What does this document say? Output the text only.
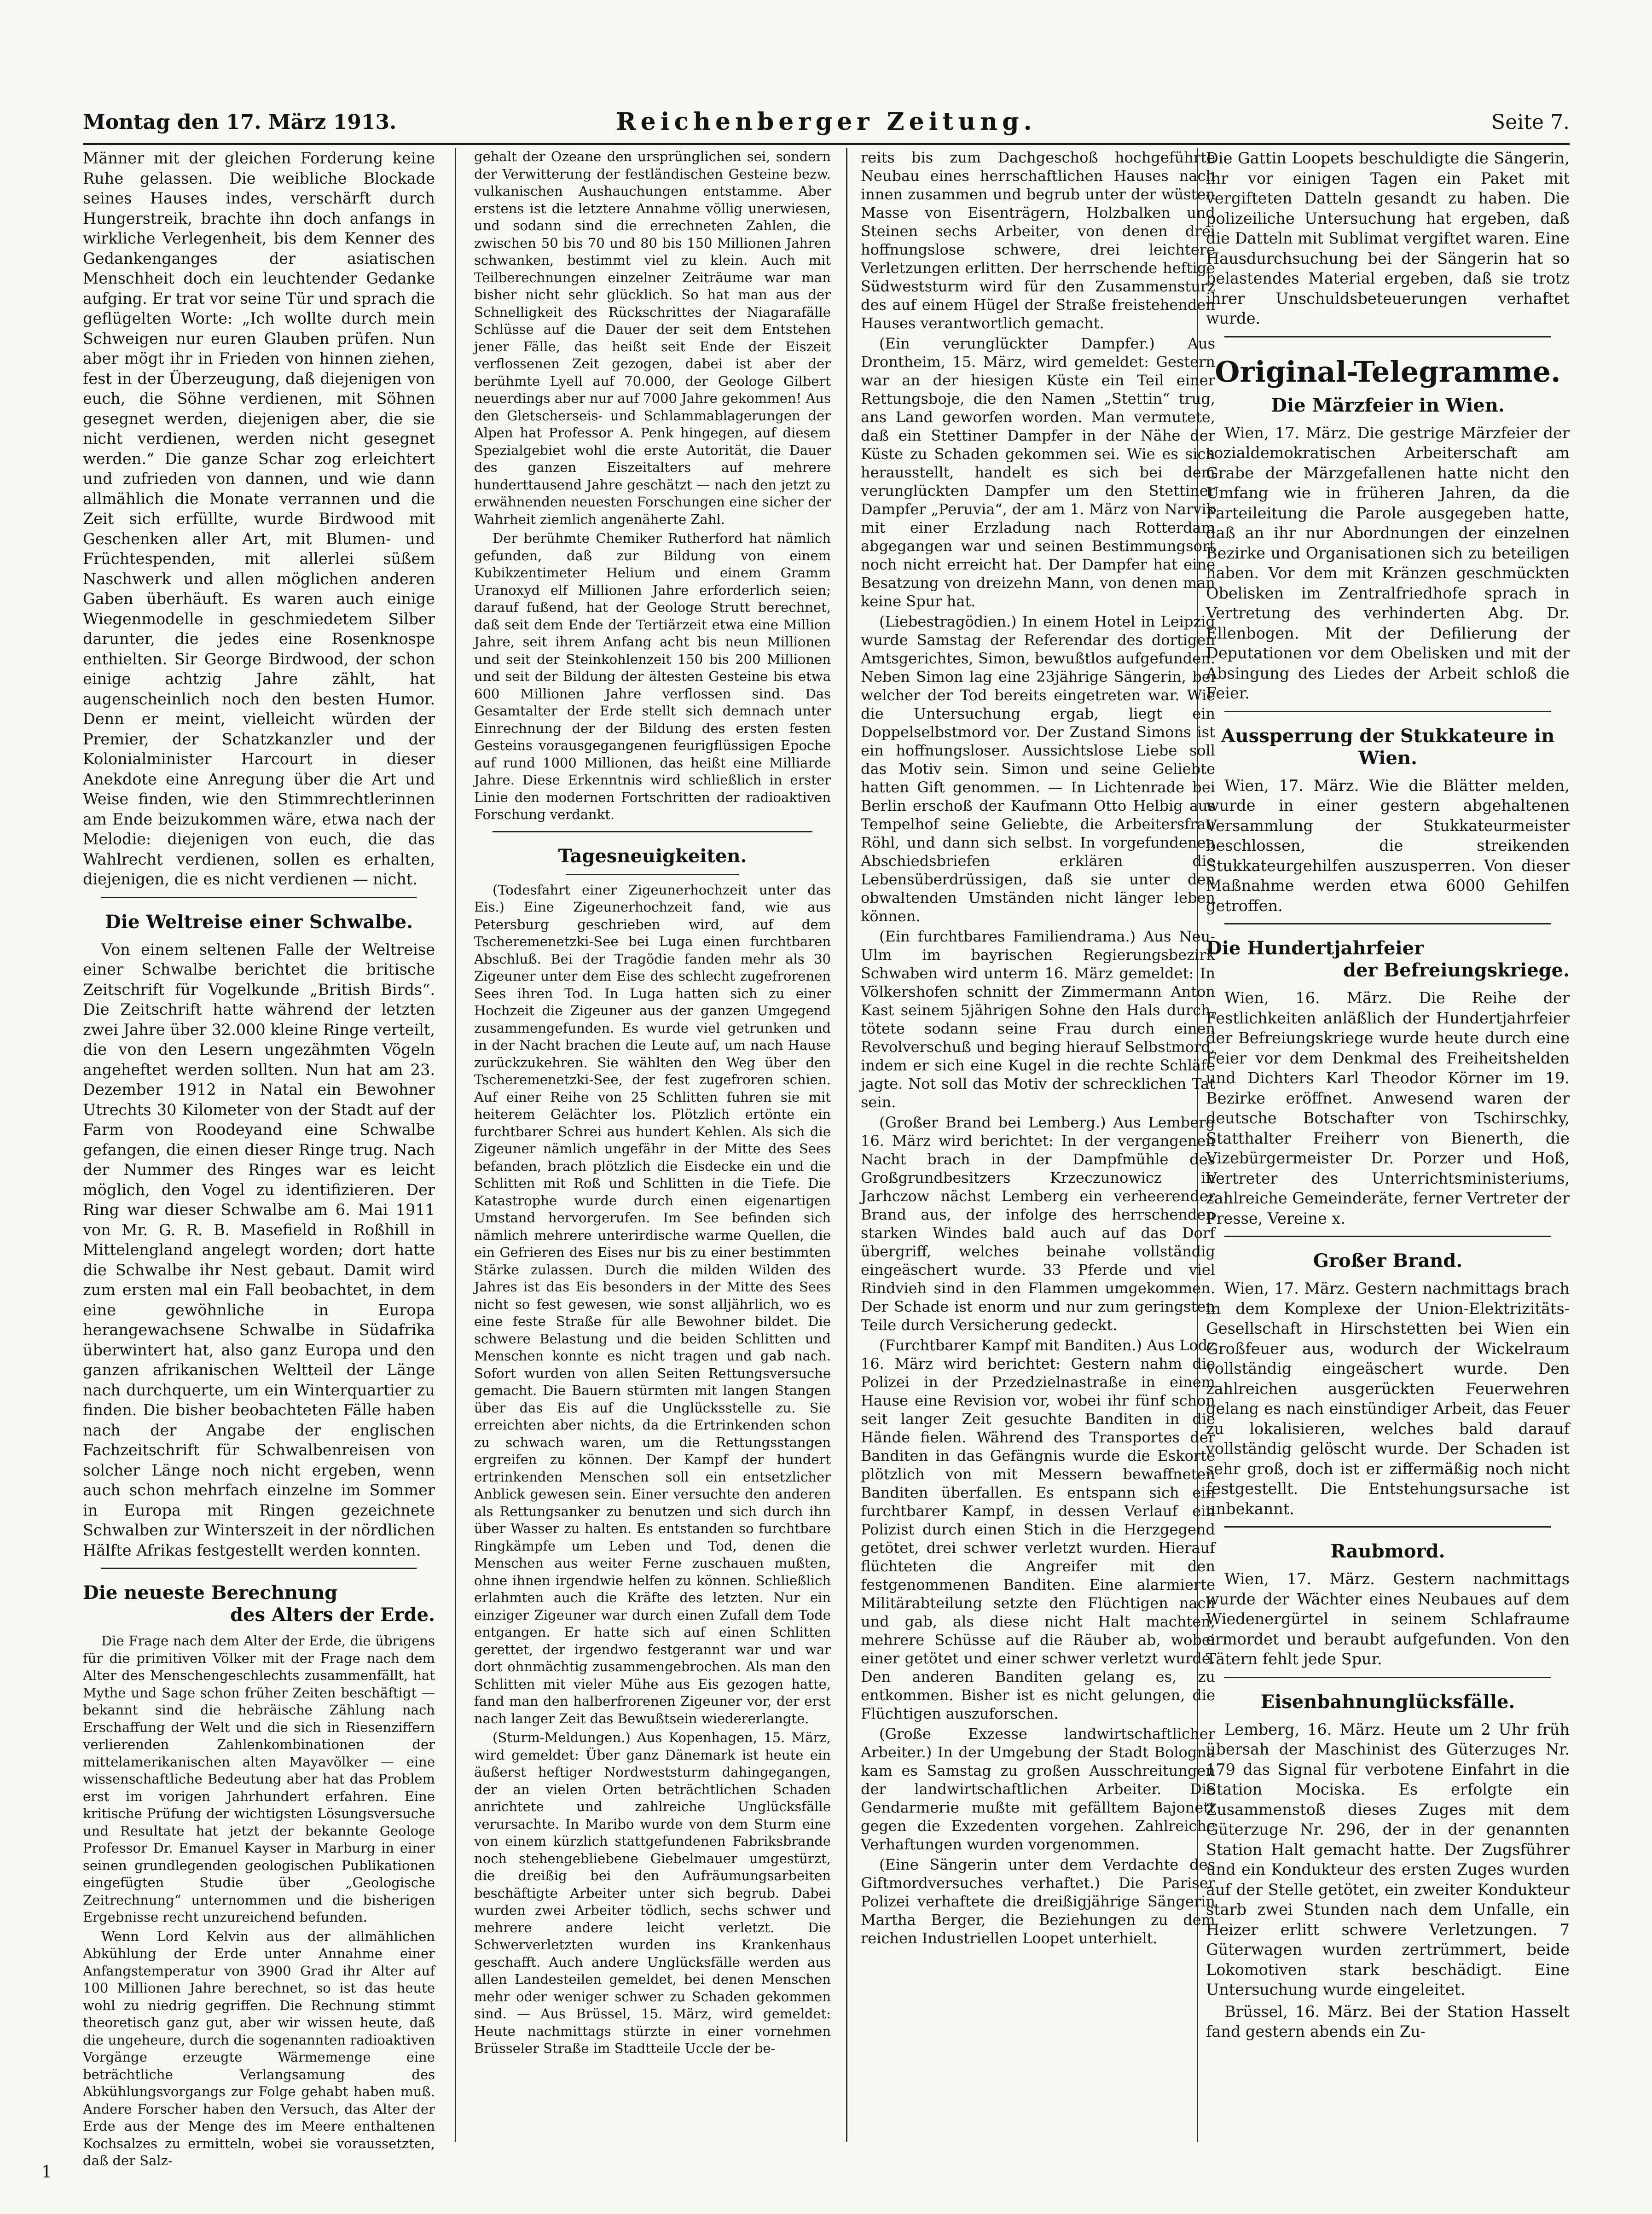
Montag den 17. März 1913.	Reichenberger Zeitung.	Seite 7.

Männer mit der gleichen Forderung keine Ruhe gelassen. Die weibliche Blockade seines Hauses indes, verschärft durch Hungerstreik, brachte ihn doch anfangs in wirkliche Verlegenheit, bis dem Kenner des Gedankenganges der asiatischen Menschheit doch ein leuchtender Gedanke aufging. Er trat vor seine Tür und sprach die geflügelten Worte: „Ich wollte durch mein Schweigen nur euren Glauben prüfen. Nun aber mögt ihr in Frieden von hinnen ziehen, fest in der Überzeugung, daß diejenigen von euch, die Söhne verdienen, mit Söhnen gesegnet werden, diejenigen aber, die sie nicht verdienen, werden nicht gesegnet werden.“ Die ganze Schar zog erleichtert und zufrieden von dannen, und wie dann allmählich die Monate verrannen und die Zeit sich erfüllte, wurde Birdwood mit Geschenken aller Art, mit Blumen- und Früchtespenden, mit allerlei süßem Naschwerk und allen möglichen anderen Gaben überhäuft. Es waren auch einige Wiegenmodelle in geschmiedetem Silber darunter, die jedes eine Rosenknospe enthielten. Sir George Birdwood, der schon einige achtzig Jahre zählt, hat augenscheinlich noch den besten Humor. Denn er meint, vielleicht würden der Premier, der Schatzkanzler und der Kolonialminister Harcourt in dieser Anekdote eine Anregung über die Art und Weise finden, wie den Stimmrechtlerinnen am Ende beizukommen wäre, etwa nach der Melodie: diejenigen von euch, die das Wahlrecht verdienen, sollen es erhalten, diejenigen, die es nicht verdienen — nicht.

Die Weltreise einer Schwalbe.

Von einem seltenen Falle der Weltreise einer Schwalbe berichtet die britische Zeitschrift für Vogelkunde „British Birds“. Die Zeitschrift hatte während der letzten zwei Jahre über 32.000 kleine Ringe verteilt, die von den Lesern ungezähmten Vögeln angeheftet werden sollten. Nun hat am 23. Dezember 1912 in Natal ein Bewohner Utrechts 30 Kilometer von der Stadt auf der Farm von Roodeyand eine Schwalbe gefangen, die einen dieser Ringe trug. Nach der Nummer des Ringes war es leicht möglich, den Vogel zu identifizieren. Der Ring war dieser Schwalbe am 6. Mai 1911 von Mr. G. R. B. Masefield in Roßhill in Mittelengland angelegt worden; dort hatte die Schwalbe ihr Nest gebaut. Damit wird zum ersten mal ein Fall beobachtet, in dem eine gewöhnliche in Europa herangewachsene Schwalbe in Südafrika überwintert hat, also ganz Europa und den ganzen afrikanischen Weltteil der Länge nach durchquerte, um ein Winterquartier zu finden. Die bisher beobachteten Fälle haben nach der Angabe der englischen Fachzeitschrift für Schwalbenreisen von solcher Länge noch nicht ergeben, wenn auch schon mehrfach einzelne im Sommer in Europa mit Ringen gezeichnete Schwalben zur Winterszeit in der nördlichen Hälfte Afrikas festgestellt werden konnten.

Die neueste Berechnung
des Alters der Erde.

Die Frage nach dem Alter der Erde, die übrigens für die primitiven Völker mit der Frage nach dem Alter des Menschengeschlechts zusammenfällt, hat Mythe und Sage schon früher Zeiten beschäftigt — bekannt sind die hebräische Zählung nach Erschaffung der Welt und die sich in Riesenziffern verlierenden Zahlenkombinationen der mittelamerikanischen alten Mayavölker — eine wissenschaftliche Bedeutung aber hat das Problem erst im vorigen Jahrhundert erfahren. Eine kritische Prüfung der wichtigsten Lösungsversuche und Resultate hat jetzt der bekannte Geologe Professor Dr. Emanuel Kayser in Marburg in einer seinen grundlegenden geologischen Publikationen eingefügten Studie über „Geologische Zeitrechnung“ unternommen und die bisherigen Ergebnisse recht unzureichend befunden.

Wenn Lord Kelvin aus der allmählichen Abkühlung der Erde unter Annahme einer Anfangstemperatur von 3900 Grad ihr Alter auf 100 Millionen Jahre berechnet, so ist das heute wohl zu niedrig gegriffen. Die Rechnung stimmt theoretisch ganz gut, aber wir wissen heute, daß die ungeheure, durch die sogenannten radioaktiven Vorgänge erzeugte Wärmemenge eine beträchtliche Verlangsamung des Abkühlungsvorgangs zur Folge gehabt haben muß. Andere Forscher haben den Versuch, das Alter der Erde aus der Menge des im Meere enthaltenen Kochsalzes zu ermitteln, wobei sie voraussetzten, daß der Salz-

gehalt der Ozeane den ursprünglichen sei, sondern der Verwitterung der festländischen Gesteine bezw. vulkanischen Aushauchungen entstamme. Aber erstens ist die letztere Annahme völlig unerwiesen, und sodann sind die errechneten Zahlen, die zwischen 50 bis 70 und 80 bis 150 Millionen Jahren schwanken, bestimmt viel zu klein. Auch mit Teilberechnungen einzelner Zeiträume war man bisher nicht sehr glücklich. So hat man aus der Schnelligkeit des Rückschrittes der Niagarafälle Schlüsse auf die Dauer der seit dem Entstehen jener Fälle, das heißt seit Ende der Eiszeit verflossenen Zeit gezogen, dabei ist aber der berühmte Lyell auf 70.000, der Geologe Gilbert neuerdings aber nur auf 7000 Jahre gekommen! Aus den Gletscherseis- und Schlammablagerungen der Alpen hat Professor A. Penk hingegen, auf diesem Spezialgebiet wohl die erste Autorität, die Dauer des ganzen Eiszeitalters auf mehrere hunderttausend Jahre geschätzt — nach den jetzt zu erwähnenden neuesten Forschungen eine sicher der Wahrheit ziemlich angenäherte Zahl.

Der berühmte Chemiker Rutherford hat nämlich gefunden, daß zur Bildung von einem Kubikzentimeter Helium und einem Gramm Uranoxyd elf Millionen Jahre erforderlich seien; darauf fußend, hat der Geologe Strutt berechnet, daß seit dem Ende der Tertiärzeit etwa eine Million Jahre, seit ihrem Anfang acht bis neun Millionen und seit der Steinkohlenzeit 150 bis 200 Millionen und seit der Bildung der ältesten Gesteine bis etwa 600 Millionen Jahre verflossen sind. Das Gesamtalter der Erde stellt sich demnach unter Einrechnung der der Bildung des ersten festen Gesteins vorausgegangenen feurigflüssigen Epoche auf rund 1000 Millionen, das heißt eine Milliarde Jahre. Diese Erkenntnis wird schließlich in erster Linie den modernen Fortschritten der radioaktiven Forschung verdankt.

Tagesneuigkeiten.

(Todesfahrt einer Zigeunerhochzeit unter das Eis.) Eine Zigeunerhochzeit fand, wie aus Petersburg geschrieben wird, auf dem Tscheremenetzki-See bei Luga einen furchtbaren Abschluß. Bei der Tragödie fanden mehr als 30 Zigeuner unter dem Eise des schlecht zugefrorenen Sees ihren Tod. In Luga hatten sich zu einer Hochzeit die Zigeuner aus der ganzen Umgegend zusammengefunden. Es wurde viel getrunken und in der Nacht brachen die Leute auf, um nach Hause zurückzukehren. Sie wählten den Weg über den Tscheremenetzki-See, der fest zugefroren schien. Auf einer Reihe von 25 Schlitten fuhren sie mit heiterem Gelächter los. Plötzlich ertönte ein furchtbarer Schrei aus hundert Kehlen. Als sich die Zigeuner nämlich ungefähr in der Mitte des Sees befanden, brach plötzlich die Eisdecke ein und die Schlitten mit Roß und Schlitten in die Tiefe. Die Katastrophe wurde durch einen eigenartigen Umstand hervorgerufen. Im See befinden sich nämlich mehrere unterirdische warme Quellen, die ein Gefrieren des Eises nur bis zu einer bestimmten Stärke zulassen. Durch die milden Wilden des Jahres ist das Eis besonders in der Mitte des Sees nicht so fest gewesen, wie sonst alljährlich, wo es eine feste Straße für alle Bewohner bildet. Die schwere Belastung und die beiden Schlitten und Menschen konnte es nicht tragen und gab nach. Sofort wurden von allen Seiten Rettungsversuche gemacht. Die Bauern stürmten mit langen Stangen über das Eis auf die Unglücksstelle zu. Sie erreichten aber nichts, da die Ertrinkenden schon zu schwach waren, um die Rettungsstangen ergreifen zu können. Der Kampf der hundert ertrinkenden Menschen soll ein entsetzlicher Anblick gewesen sein. Einer versuchte den anderen als Rettungsanker zu benutzen und sich durch ihn über Wasser zu halten. Es entstanden so furchtbare Ringkämpfe um Leben und Tod, denen die Menschen aus weiter Ferne zuschauen mußten, ohne ihnen irgendwie helfen zu können. Schließlich erlahmten auch die Kräfte des letzten. Nur ein einziger Zigeuner war durch einen Zufall dem Tode entgangen. Er hatte sich auf einen Schlitten gerettet, der irgendwo festgerannt war und war dort ohnmächtig zusammengebrochen. Als man den Schlitten mit vieler Mühe aus Eis gezogen hatte, fand man den halberfrorenen Zigeuner vor, der erst nach langer Zeit das Bewußtsein wiedererlangte.

(Sturm-Meldungen.) Aus Kopenhagen, 15. März, wird gemeldet: Über ganz Dänemark ist heute ein äußerst heftiger Nordweststurm dahingegangen, der an vielen Orten beträchtlichen Schaden anrichtete und zahlreiche Unglücksfälle verursachte. In Maribo wurde von dem Sturm eine von einem kürzlich stattgefundenen Fabriksbrande noch stehengebliebene Giebelmauer umgestürzt, die dreißig bei den Aufräumungsarbeiten beschäftigte Arbeiter unter sich begrub. Dabei wurden zwei Arbeiter tödlich, sechs schwer und mehrere andere leicht verletzt. Die Schwerverletzten wurden ins Krankenhaus geschafft. Auch andere Unglücksfälle werden aus allen Landesteilen gemeldet, bei denen Menschen mehr oder weniger schwer zu Schaden gekommen sind. — Aus Brüssel, 15. März, wird gemeldet: Heute nachmittags stürzte in einer vornehmen Brüsseler Straße im Stadtteile Uccle der be-

reits bis zum Dachgeschoß hochgeführte Neubau eines herrschaftlichen Hauses nach innen zusammen und begrub unter der wüsten Masse von Eisenträgern, Holzbalken und Steinen sechs Arbeiter, von denen drei hoffnungslose schwere, drei leichtere Verletzungen erlitten. Der herrschende heftige Südweststurm wird für den Zusammensturz des auf einem Hügel der Straße freistehenden Hauses verantwortlich gemacht.

(Ein verunglückter Dampfer.) Aus Drontheim, 15. März, wird gemeldet: Gestern war an der hiesigen Küste ein Teil einer Rettungsboje, die den Namen „Stettin“ trug, ans Land geworfen worden. Man vermutete, daß ein Stettiner Dampfer in der Nähe der Küste zu Schaden gekommen sei. Wie es sich herausstellt, handelt es sich bei dem verunglückten Dampfer um den Stettiner Dampfer „Peruvia“, der am 1. März von Narvik mit einer Erzladung nach Rotterdam abgegangen war und seinen Bestimmungsort noch nicht erreicht hat. Der Dampfer hat eine Besatzung von dreizehn Mann, von denen man keine Spur hat.

(Liebestragödien.) In einem Hotel in Leipzig wurde Samstag der Referendar des dortigen Amtsgerichtes, Simon, bewußtlos aufgefunden. Neben Simon lag eine 23jährige Sängerin, bei welcher der Tod bereits eingetreten war. Wie die Untersuchung ergab, liegt ein Doppelselbstmord vor. Der Zustand Simons ist ein hoffnungsloser. Aussichtslose Liebe soll das Motiv sein. Simon und seine Geliebte hatten Gift genommen. — In Lichtenrade bei Berlin erschoß der Kaufmann Otto Helbig aus Tempelhof seine Geliebte, die Arbeitersfrau Röhl, und dann sich selbst. In vorgefundenen Abschiedsbriefen erklären die Lebensüberdrüssigen, daß sie unter den obwaltenden Umständen nicht länger leben können.

(Ein furchtbares Familiendrama.) Aus Neu-Ulm im bayrischen Regierungsbezirk Schwaben wird unterm 16. März gemeldet: In Völkershofen schnitt der Zimmermann Anton Kast seinem 5jährigen Sohne den Hals durch, tötete sodann seine Frau durch einen Revolverschuß und beging hierauf Selbstmord, indem er sich eine Kugel in die rechte Schläfe jagte. Not soll das Motiv der schrecklichen Tat sein.

(Großer Brand bei Lemberg.) Aus Lemberg 16. März wird berichtet: In der vergangenen Nacht brach in der Dampfmühle des Großgrundbesitzers Krzeczunowicz in Jarhczow nächst Lemberg ein verheerender Brand aus, der infolge des herrschenden starken Windes bald auch auf das Dorf übergriff, welches beinahe vollständig eingeäschert wurde. 33 Pferde und viel Rindvieh sind in den Flammen umgekommen. Der Schade ist enorm und nur zum geringsten Teile durch Versicherung gedeckt.

(Furchtbarer Kampf mit Banditen.) Aus Lodz 16. März wird berichtet: Gestern nahm die Polizei in der Przedzielnastraße in einem Hause eine Revision vor, wobei ihr fünf schon seit langer Zeit gesuchte Banditen in die Hände fielen. Während des Transportes der Banditen in das Gefängnis wurde die Eskorte plötzlich von mit Messern bewaffneten Banditen überfallen. Es entspann sich ein furchtbarer Kampf, in dessen Verlauf ein Polizist durch einen Stich in die Herzgegend getötet, drei schwer verletzt wurden. Hierauf flüchteten die Angreifer mit den festgenommenen Banditen. Eine alarmierte Militärabteilung setzte den Flüchtigen nach und gab, als diese nicht Halt machten, mehrere Schüsse auf die Räuber ab, wobei einer getötet und einer schwer verletzt wurde. Den anderen Banditen gelang es, zu entkommen. Bisher ist es nicht gelungen, die Flüchtigen auszuforschen.

(Große Exzesse landwirtschaftlicher Arbeiter.) In der Umgebung der Stadt Bologna kam es Samstag zu großen Ausschreitungen der landwirtschaftlichen Arbeiter. Die Gendarmerie mußte mit gefälltem Bajonett gegen die Exzedenten vorgehen. Zahlreiche Verhaftungen wurden vorgenommen.

(Eine Sängerin unter dem Verdachte des Giftmordversuches verhaftet.) Die Pariser Polizei verhaftete die dreißigjährige Sängerin Martha Berger, die Beziehungen zu dem reichen Industriellen Loopet unterhielt.

Die Gattin Loopets beschuldigte die Sängerin, ihr vor einigen Tagen ein Paket mit vergifteten Datteln gesandt zu haben. Die polizeiliche Untersuchung hat ergeben, daß die Datteln mit Sublimat vergiftet waren. Eine Hausdurchsuchung bei der Sängerin hat so belastendes Material ergeben, daß sie trotz ihrer Unschuldsbeteuerungen verhaftet wurde.

Original-Telegramme.
Die Märzfeier in Wien.

Wien, 17. März. Die gestrige Märzfeier der sozialdemokratischen Arbeiterschaft am Grabe der Märzgefallenen hatte nicht den Umfang wie in früheren Jahren, da die Parteileitung die Parole ausgegeben hatte, daß an ihr nur Abordnungen der einzelnen Bezirke und Organisationen sich zu beteiligen haben. Vor dem mit Kränzen geschmückten Obelisken im Zentralfriedhofe sprach in Vertretung des verhinderten Abg. Dr. Ellenbogen. Mit der Defilierung der Deputationen vor dem Obelisken und mit der Absingung des Liedes der Arbeit schloß die Feier.

Aussperrung der Stukkateure in Wien.

Wien, 17. März. Wie die Blätter melden, wurde in einer gestern abgehaltenen Versammlung der Stukkateurmeister beschlossen, die streikenden Stukkateurgehilfen auszusperren. Von dieser Maßnahme werden etwa 6000 Gehilfen getroffen.

Die Hundertjahrfeier
der Befreiungskriege.

Wien, 16. März. Die Reihe der Festlichkeiten anläßlich der Hundertjahrfeier der Befreiungskriege wurde heute durch eine Feier vor dem Denkmal des Freiheitshelden und Dichters Karl Theodor Körner im 19. Bezirke eröffnet. Anwesend waren der deutsche Botschafter von Tschirschky, Statthalter Freiherr von Bienerth, die Vizebürgermeister Dr. Porzer und Hoß, Vertreter des Unterrichtsministeriums, zahlreiche Gemeinderäte, ferner Vertreter der Presse, Vereine x.

Großer Brand.

Wien, 17. März. Gestern nachmittags brach in dem Komplexe der Union-Elektrizitäts-Gesellschaft in Hirschstetten bei Wien ein Großfeuer aus, wodurch der Wickelraum vollständig eingeäschert wurde. Den zahlreichen ausgerückten Feuerwehren gelang es nach einstündiger Arbeit, das Feuer zu lokalisieren, welches bald darauf vollständig gelöscht wurde. Der Schaden ist sehr groß, doch ist er ziffermäßig noch nicht festgestellt. Die Entstehungsursache ist unbekannt.

Raubmord.

Wien, 17. März. Gestern nachmittags wurde der Wächter eines Neubaues auf dem Wiedenergürtel in seinem Schlafraume ermordet und beraubt aufgefunden. Von den Tätern fehlt jede Spur.

Eisenbahnunglücksfälle.

Lemberg, 16. März. Heute um 2 Uhr früh übersah der Maschinist des Güterzuges Nr. 179 das Signal für verbotene Einfahrt in die Station Mociska. Es erfolgte ein Zusammenstoß dieses Zuges mit dem Güterzuge Nr. 296, der in der genannten Station Halt gemacht hatte. Der Zugsführer und ein Kondukteur des ersten Zuges wurden auf der Stelle getötet, ein zweiter Kondukteur starb zwei Stunden nach dem Unfalle, ein Heizer erlitt schwere Verletzungen. 7 Güterwagen wurden zertrümmert, beide Lokomotiven stark beschädigt. Eine Untersuchung wurde eingeleitet.

Brüssel, 16. März. Bei der Station Hasselt fand gestern abends ein Zu-

1
